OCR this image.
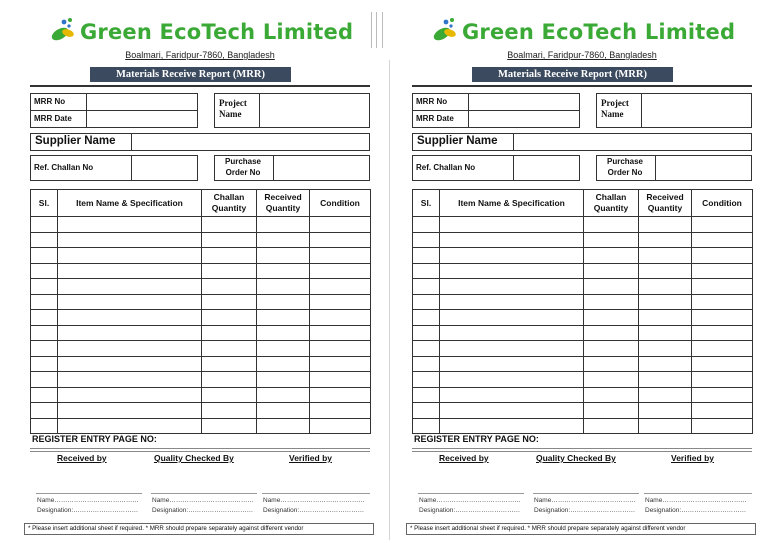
Green EcoTech Limited
Boalmari, Faridpur-7860, Bangladesh
Materials Receive Report (MRR)
MRR No
MRR Date
Project Name
Supplier Name
Ref. Challan No
Purchase Order No
Sl.	Item Name & Specification	Challan Quantity	Received Quantity	Condition

REGISTER ENTRY PAGE NO:
Received by	Quality Checked By	Verified by
Name…………………………………
Designation:…………………………
Name…………………………………
Designation:…………………………
Name…………………………………
Designation:…………………………
* Please insert additional sheet if required. * MRR should prepare separately against different vendor
Green EcoTech Limited
Boalmari, Faridpur-7860, Bangladesh
Materials Receive Report (MRR)
MRR No
MRR Date
Project Name
Supplier Name
Ref. Challan No
Purchase Order No
Sl.	Item Name & Specification	Challan Quantity	Received Quantity	Condition

REGISTER ENTRY PAGE NO:
Received by	Quality Checked By	Verified by
Name…………………………………
Designation:…………………………
Name…………………………………
Designation:…………………………
Name…………………………………
Designation:…………………………
* Please insert additional sheet if required. * MRR should prepare separately against different vendor
